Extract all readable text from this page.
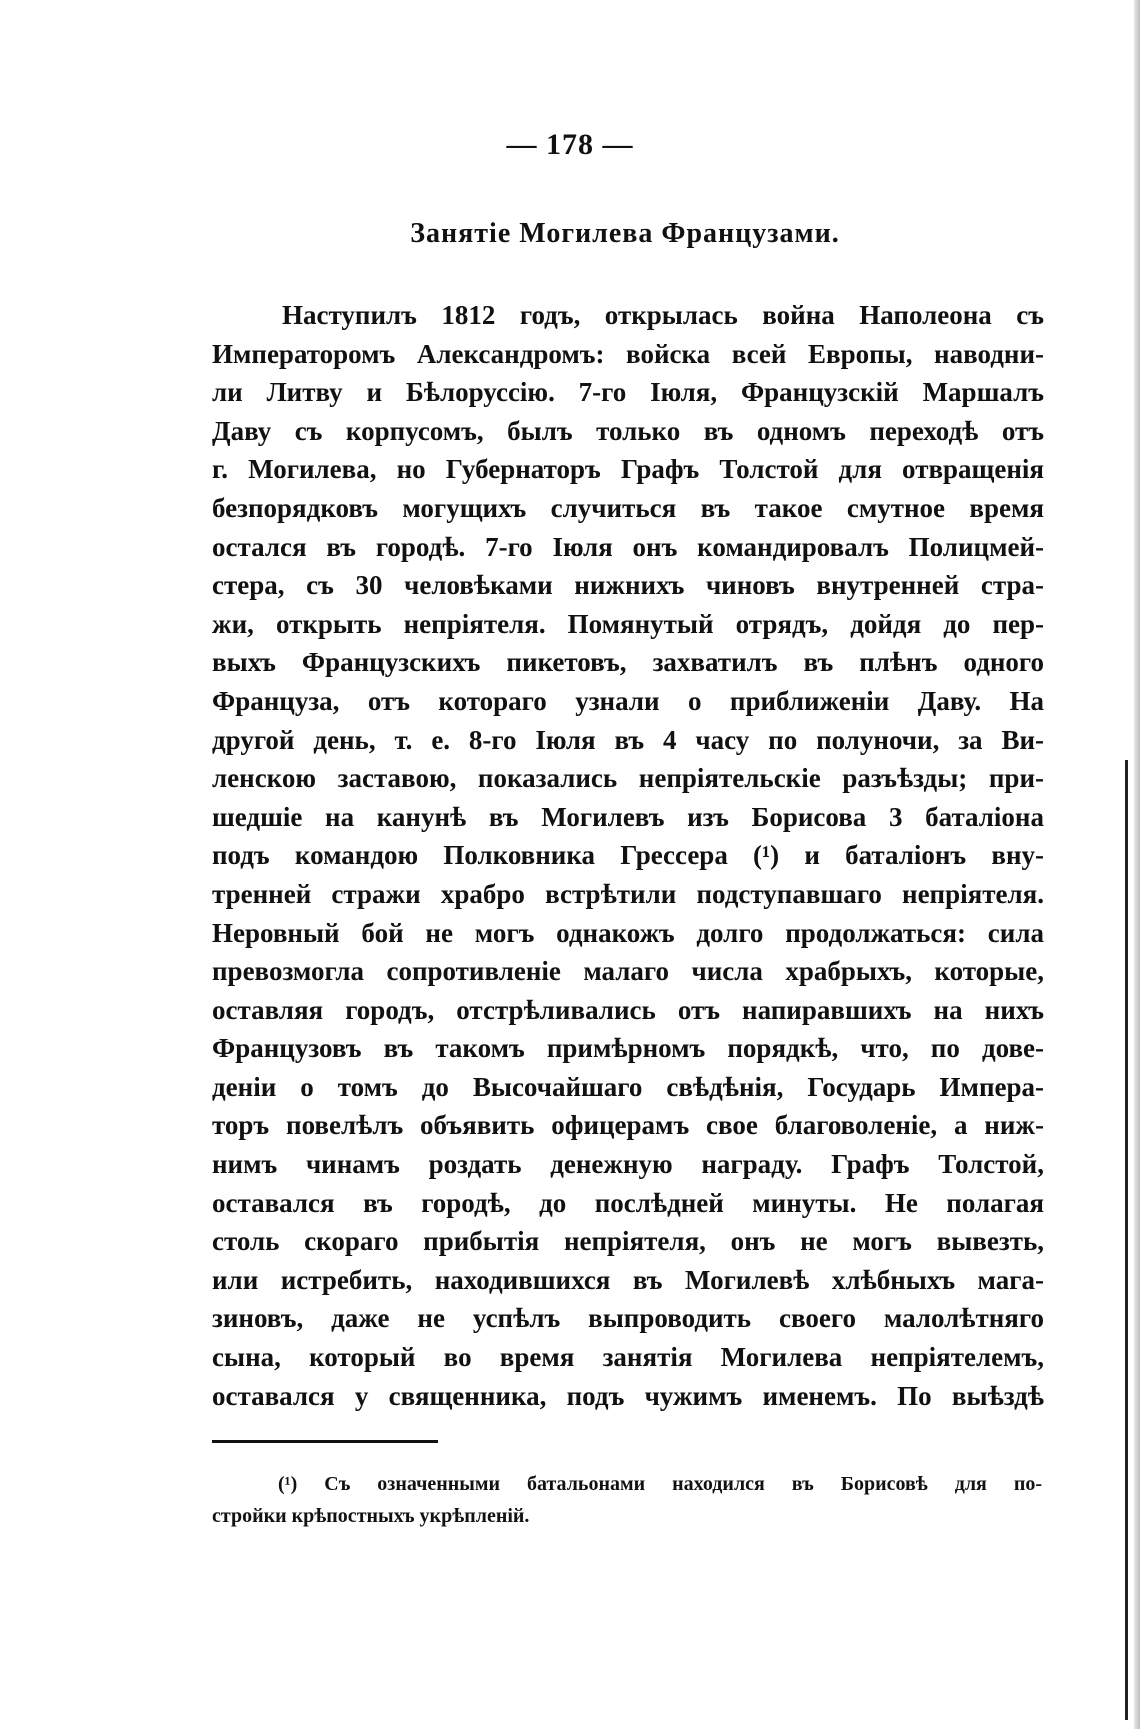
— 178 —
Занятіе Могилева Французами.
Наступилъ 1812 годъ, открылась война Наполеона съ
Императоромъ Александромъ: войска всей Европы, наводни-
ли Литву и Бѣлоруссію. 7-го Іюля, Французскій Маршалъ
Даву съ корпусомъ, былъ только въ одномъ переходѣ отъ
г. Могилева, но Губернаторъ Графъ Толстой для отвращенія
безпорядковъ могущихъ случиться въ такое смутное время
остался въ городѣ. 7-го Іюля онъ командировалъ Полицмей-
стера, съ 30 человѣками нижнихъ чиновъ внутренней стра-
жи, открыть непріятеля. Помянутый отрядъ, дойдя до пер-
выхъ Французскихъ пикетовъ, захватилъ въ плѣнъ одного
Француза, отъ котораго узнали о приближеніи Даву. На
другой день, т. е. 8-го Іюля въ 4 часу по полуночи, за Ви-
ленскою заставою, показались непріятельскіе разъѣзды; при-
шедшіе на канунѣ въ Могилевъ изъ Борисова 3 баталіона
подъ командою Полковника Грессера (¹) и баталіонъ вну-
тренней стражи храбро встрѣтили подступавшаго непріятеля.
Неровный бой не могъ однакожъ долго продолжаться: сила
превозмогла сопротивленіе малаго числа храбрыхъ, которые,
оставляя городъ, отстрѣливались отъ напиравшихъ на нихъ
Французовъ въ такомъ примѣрномъ порядкѣ, что, по дове-
деніи о томъ до Высочайшаго свѣдѣнія, Государь Импера-
торъ повелѣлъ объявить офицерамъ свое благоволеніе, а ниж-
нимъ чинамъ роздать денежную награду. Графъ Толстой,
оставался въ городѣ, до послѣдней минуты. Не полагая
столь скораго прибытія непріятеля, онъ не могъ вывезть,
или истребить, находившихся въ Могилевѣ хлѣбныхъ мага-
зиновъ, даже не успѣлъ выпроводить своего малолѣтняго
сына, который во время занятія Могилева непріятелемъ,
оставался у священника, подъ чужимъ именемъ. По выѣздѣ
(¹) Съ означенными батальонами находился въ Борисовѣ для по-
стройки крѣпостныхъ укрѣпленій.
